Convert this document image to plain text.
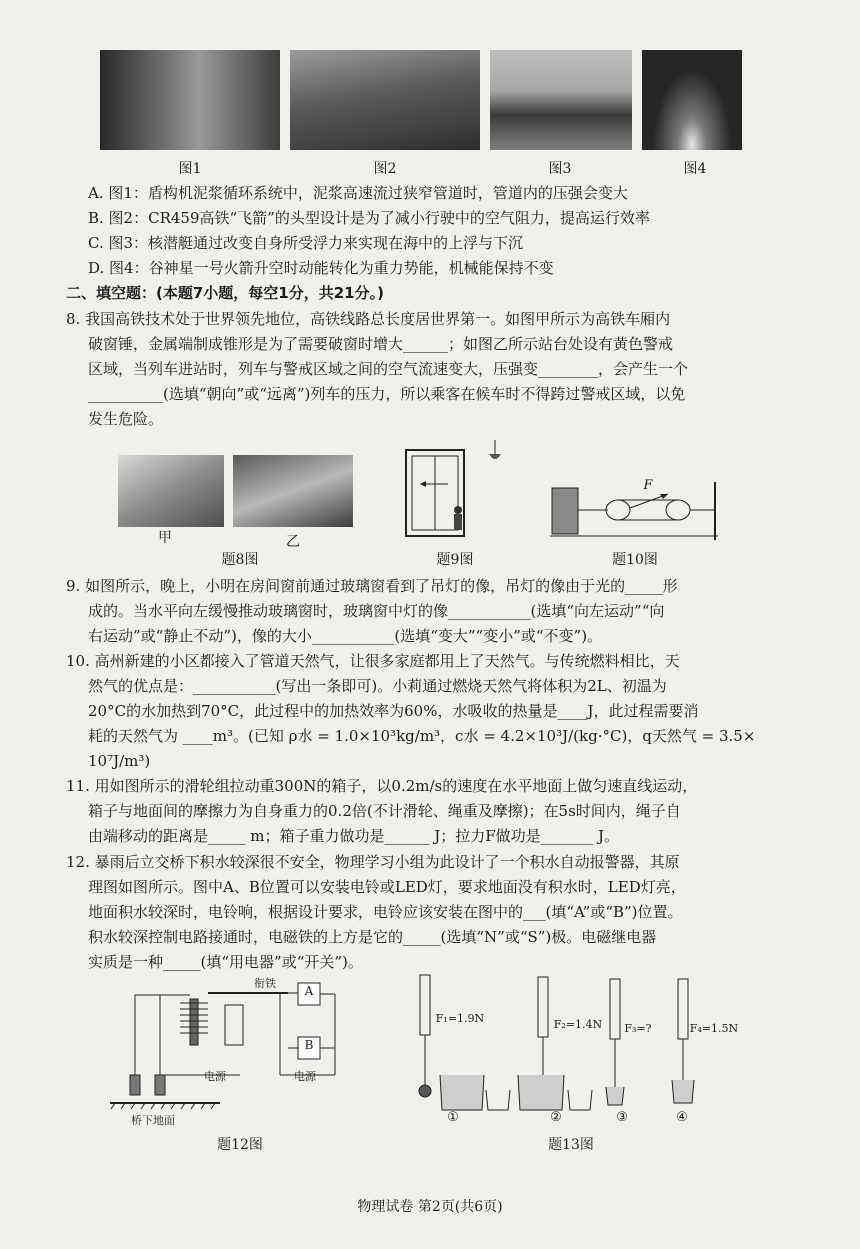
图1	图2	图3	图4
A. 图1：盾构机泥浆循环系统中，泥浆高速流过狭窄管道时，管道内的压强会变大
B. 图2：CR459高铁“飞箭”的头型设计是为了减小行驶中的空气阻力，提高运行效率
C. 图3：核潜艇通过改变自身所受浮力来实现在海中的上浮与下沉
D. 图4：谷神星一号火箭升空时动能转化为重力势能，机械能保持不变
二、填空题：(本题7小题，每空1分，共21分。)
8. 我国高铁技术处于世界领先地位，高铁线路总长度居世界第一。如图甲所示为高铁车厢内
破窗锤，金属端制成锥形是为了需要破窗时增大______；如图乙所示站台处设有黄色警戒
区域，当列车进站时，列车与警戒区域之间的空气流速变大，压强变________，会产生一个
__________(选填“朝向”或“远离”)列车的压力，所以乘客在候车时不得跨过警戒区域，以免
发生危险。
甲	乙
题8图	题9图
F
题10图
9. 如图所示，晚上，小明在房间窗前通过玻璃窗看到了吊灯的像，吊灯的像由于光的_____形
成的。当水平向左缓慢推动玻璃窗时，玻璃窗中灯的像___________(选填“向左运动”“向
右运动”或“静止不动”)，像的大小___________(选填“变大”“变小”或“不变”)。
10. 高州新建的小区都接入了管道天然气，让很多家庭都用上了天然气。与传统燃料相比，天
然气的优点是：___________(写出一条即可)。小莉通过燃烧天然气将体积为2L、初温为
20°C的水加热到70°C，此过程中的加热效率为60%，水吸收的热量是____J，此过程需要消
耗的天然气为 ____m³。(已知 ρ水 = 1.0×10³kg/m³，c水 = 4.2×10³J/(kg·°C)，q天然气 = 3.5×
10⁷J/m³)
11. 用如图所示的滑轮组拉动重300N的箱子，以0.2m/s的速度在水平地面上做匀速直线运动，
箱子与地面间的摩擦力为自身重力的0.2倍(不计滑轮、绳重及摩擦)；在5s时间内，绳子自
由端移动的距离是_____ m；箱子重力做功是______ J；拉力F做功是_______ J。
12. 暴雨后立交桥下积水较深很不安全，物理学习小组为此设计了一个积水自动报警器，其原
理图如图所示。图中A、B位置可以安装电铃或LED灯，要求地面没有积水时，LED灯亮，
地面积水较深时，电铃响，根据设计要求，电铃应该安装在图中的___(填“A”或“B”)位置。
积水较深控制电路接通时，电磁铁的上方是它的_____(选填“N”或“S”)极。电磁继电器
实质是一种_____(填“用电器”或“开关”)。
衔铁
A
B
电源	电源
桥下地面
题12图
F₁=1.9N	F₂=1.4N	F₃=?	F₄=1.5N
①	②	③	④
题13图
物理试卷 第2页(共6页)
